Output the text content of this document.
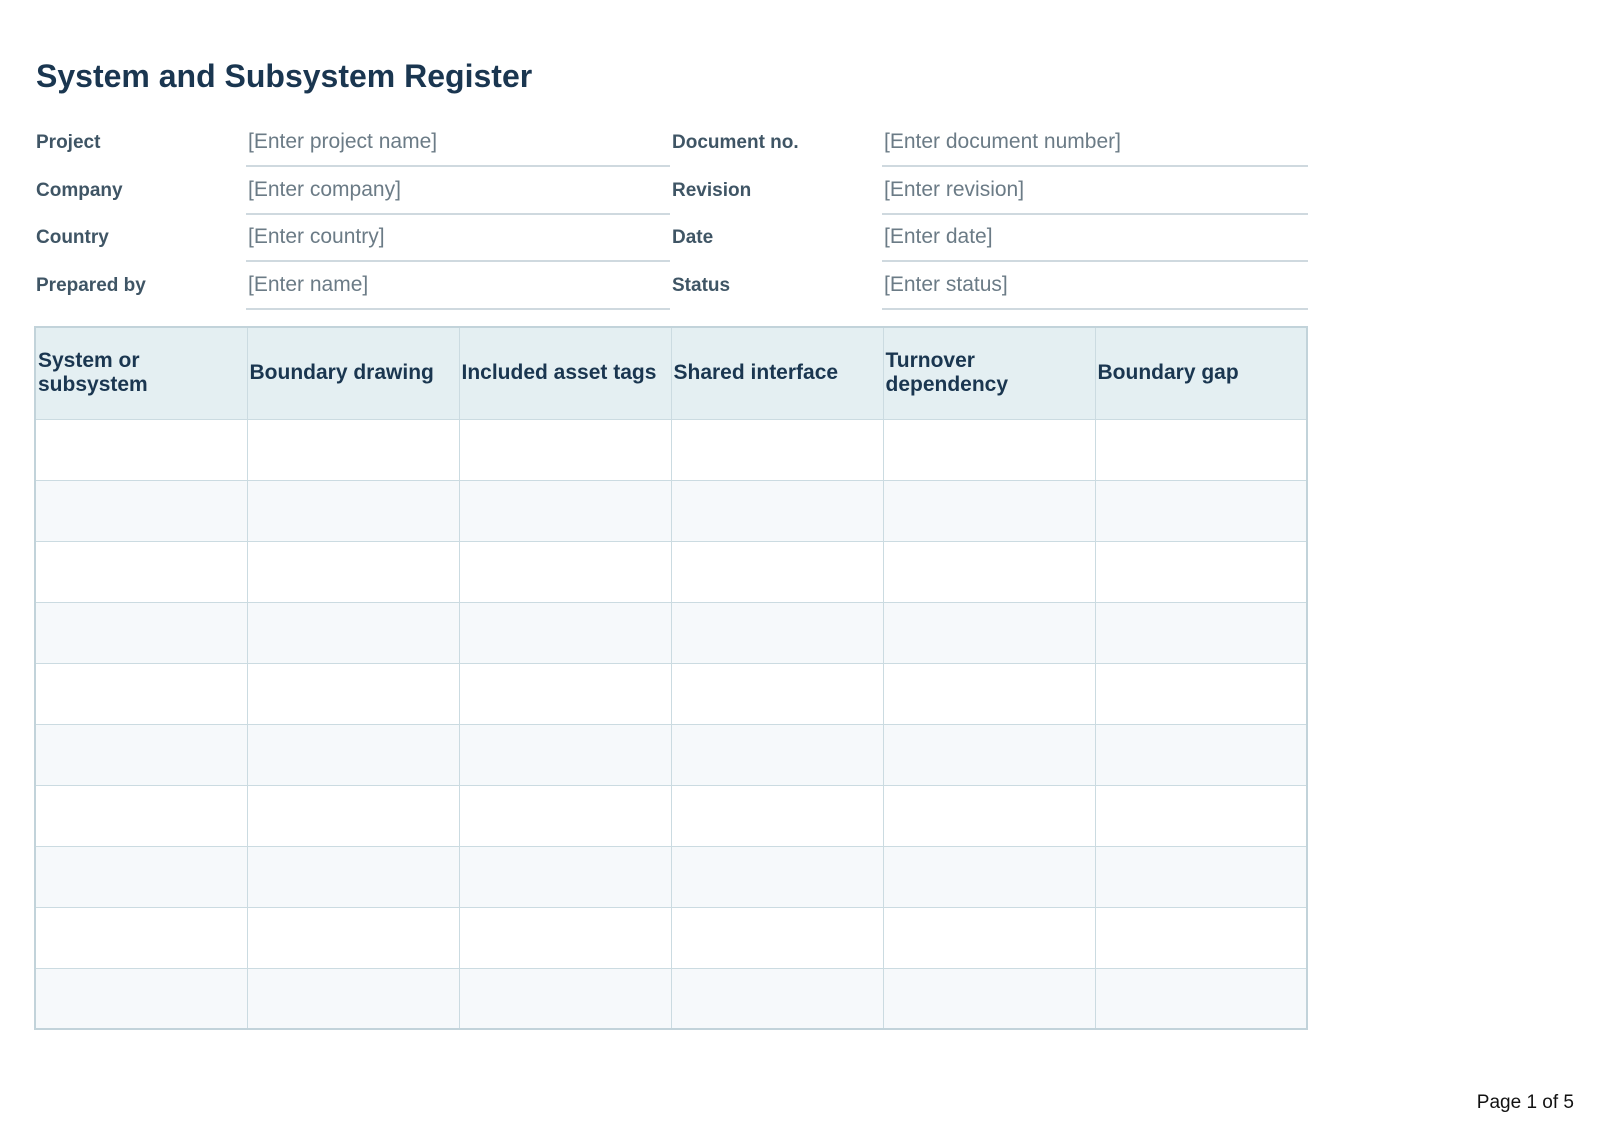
System and Subsystem Register
Project	[Enter project name]	Document no.	[Enter document number]
Company	[Enter company]	Revision	[Enter revision]
Country	[Enter country]	Date	[Enter date]
Prepared by	[Enter name]	Status	[Enter status]
System or subsystem	Boundary drawing	Included asset tags	Shared interface	Turnover dependency	Boundary gap

Page 1 of 5
